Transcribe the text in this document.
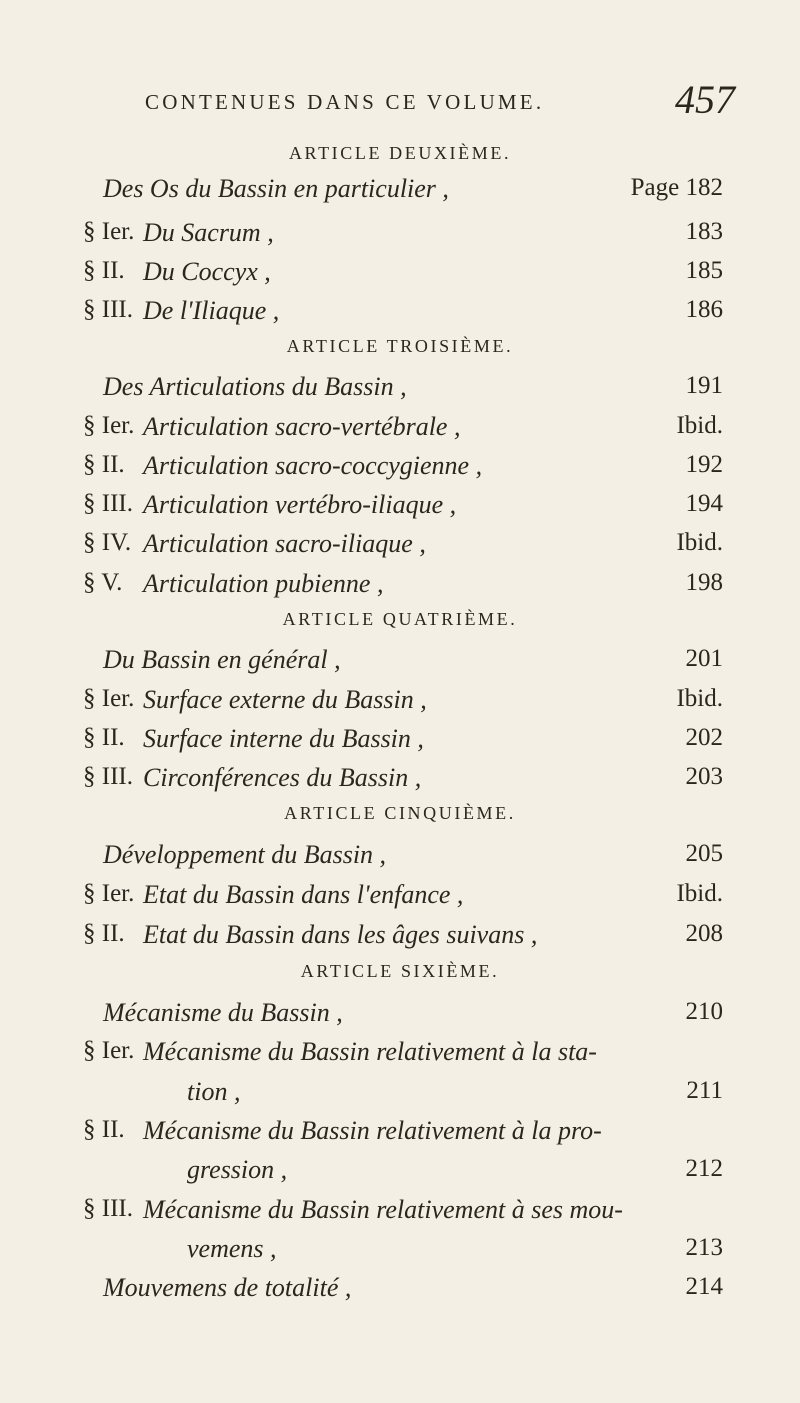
CONTENUES DANS CE VOLUME.	457
ARTICLE DEUXIÈME.
Des Os du Bassin en particulier ,	Page 182
§ Ier. Du Sacrum ,	183
§ II. Du Coccyx ,	185
§ III. De l'Iliaque ,	186
ARTICLE TROISIÈME.
Des Articulations du Bassin ,	191
§ Ier. Articulation sacro-vertébrale ,	Ibid.
§ II. Articulation sacro-coccygienne ,	192
§ III. Articulation vertébro-iliaque ,	194
§ IV. Articulation sacro-iliaque ,	Ibid.
§ V. Articulation pubienne ,	198
ARTICLE QUATRIÈME.
Du Bassin en général ,	201
§ Ier. Surface externe du Bassin ,	Ibid.
§ II. Surface interne du Bassin ,	202
§ III. Circonférences du Bassin ,	203
ARTICLE CINQUIÈME.
Développement du Bassin ,	205
§ Ier. Etat du Bassin dans l'enfance ,	Ibid.
§ II. Etat du Bassin dans les âges suivans ,	208
ARTICLE SIXIÈME.
Mécanisme du Bassin ,	210
§ Ier. Mécanisme du Bassin relativement à la sta-
tion ,	211
§ II. Mécanisme du Bassin relativement à la pro-
gression ,	212
§ III. Mécanisme du Bassin relativement à ses mou-
vemens ,	213
Mouvemens de totalité ,	214
